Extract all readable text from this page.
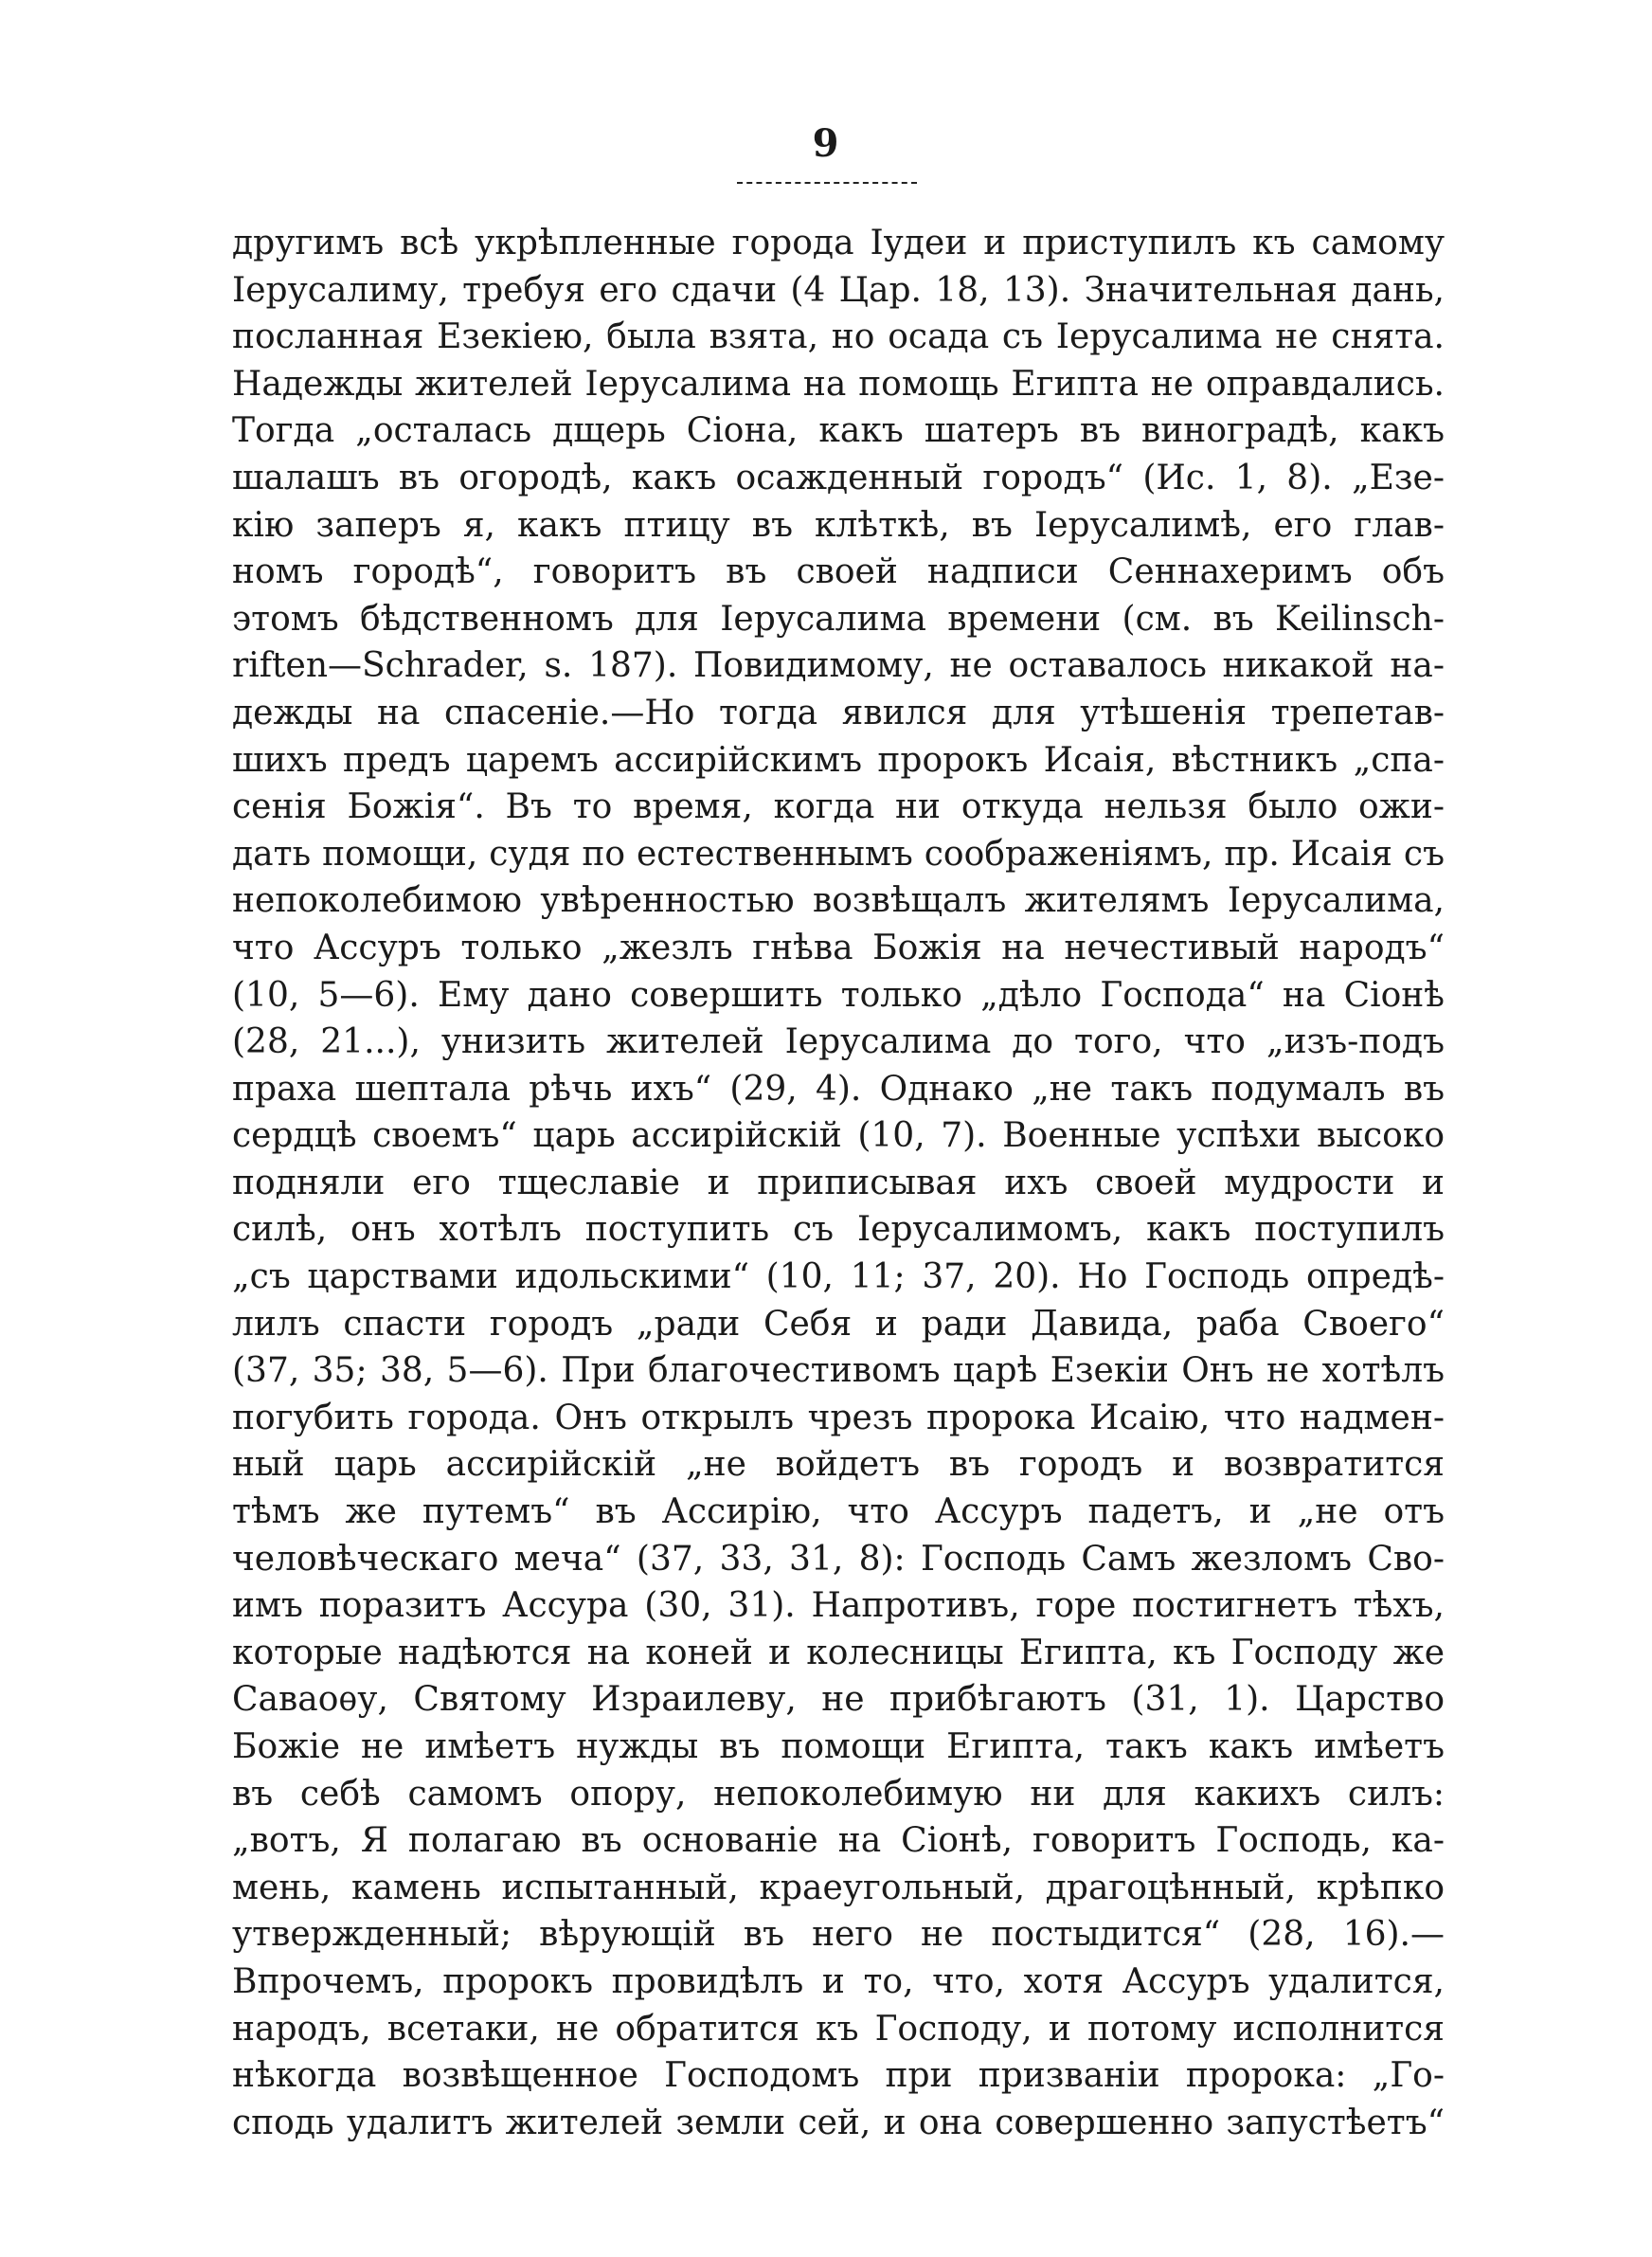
9
другимъ всѣ укрѣпленные города Іудеи и приступилъ къ самому
Іерусалиму, требуя его сдачи (4 Цар. 18, 13). Значительная дань,
посланная Езекіею, была взята, но осада съ Іерусалима не снята.
Надежды жителей Іерусалима на помощь Египта не оправдались.
Тогда „осталась дщерь Сіона, какъ шатеръ въ виноградѣ, какъ
шалашъ въ огородѣ, какъ осажденный городъ“ (Ис. 1, 8). „Езе-
кію заперъ я, какъ птицу въ клѣткѣ, въ Іерусалимѣ, его глав-
номъ городѣ“, говоритъ въ своей надписи Сеннахеримъ объ
этомъ бѣдственномъ для Іерусалима времени (см. въ Keilinsch-
riften—Schrader, s. 187). Повидимому, не оставалось никакой на-
дежды на спасеніе.—Но тогда явился для утѣшенія трепетав-
шихъ предъ царемъ ассирійскимъ пророкъ Исаія, вѣстникъ „спа-
сенія Божія“. Въ то время, когда ни откуда нельзя было ожи-
дать помощи, судя по естественнымъ соображеніямъ, пр. Исаія съ
непоколебимою увѣренностью возвѣщалъ жителямъ Іерусалима,
что Ассуръ только „жезлъ гнѣва Божія на нечестивый народъ“
(10, 5—6). Ему дано совершить только „дѣло Господа“ на Сіонѣ
(28, 21...), унизить жителей Іерусалима до того, что „изъ-подъ
праха шептала рѣчь ихъ“ (29, 4). Однако „не такъ подумалъ въ
сердцѣ своемъ“ царь ассирійскій (10, 7). Военные успѣхи высоко
подняли его тщеславіе и приписывая ихъ своей мудрости и
силѣ, онъ хотѣлъ поступить съ Іерусалимомъ, какъ поступилъ
„съ царствами идольскими“ (10, 11; 37, 20). Но Господь опредѣ-
лилъ спасти городъ „ради Себя и ради Давида, раба Своего“
(37, 35; 38, 5—6). При благочестивомъ царѣ Езекіи Онъ не хотѣлъ
погубить города. Онъ открылъ чрезъ пророка Исаію, что надмен-
ный царь ассирійскій „не войдетъ въ городъ и возвратится
тѣмъ же путемъ“ въ Ассирію, что Ассуръ падетъ, и „не отъ
человѣческаго меча“ (37, 33, 31, 8): Господь Самъ жезломъ Сво-
имъ поразитъ Ассура (30, 31). Напротивъ, горе постигнетъ тѣхъ,
которые надѣются на коней и колесницы Египта, къ Господу же
Саваоѳу, Святому Израилеву, не прибѣгаютъ (31, 1). Царство
Божіе не имѣетъ нужды въ помощи Египта, такъ какъ имѣетъ
въ себѣ самомъ опору, непоколебимую ни для какихъ силъ:
„вотъ, Я полагаю въ основаніе на Сіонѣ, говоритъ Господь, ка-
мень, камень испытанный, краеугольный, драгоцѣнный, крѣпко
утвержденный; вѣрующій въ него не постыдится“ (28, 16).—
Впрочемъ, пророкъ провидѣлъ и то, что, хотя Ассуръ удалится,
народъ, всетаки, не обратится къ Господу, и потому исполнится
нѣкогда возвѣщенное Господомъ при призваніи пророка: „Го-
сподь удалитъ жителей земли сей, и она совершенно запустѣетъ“
